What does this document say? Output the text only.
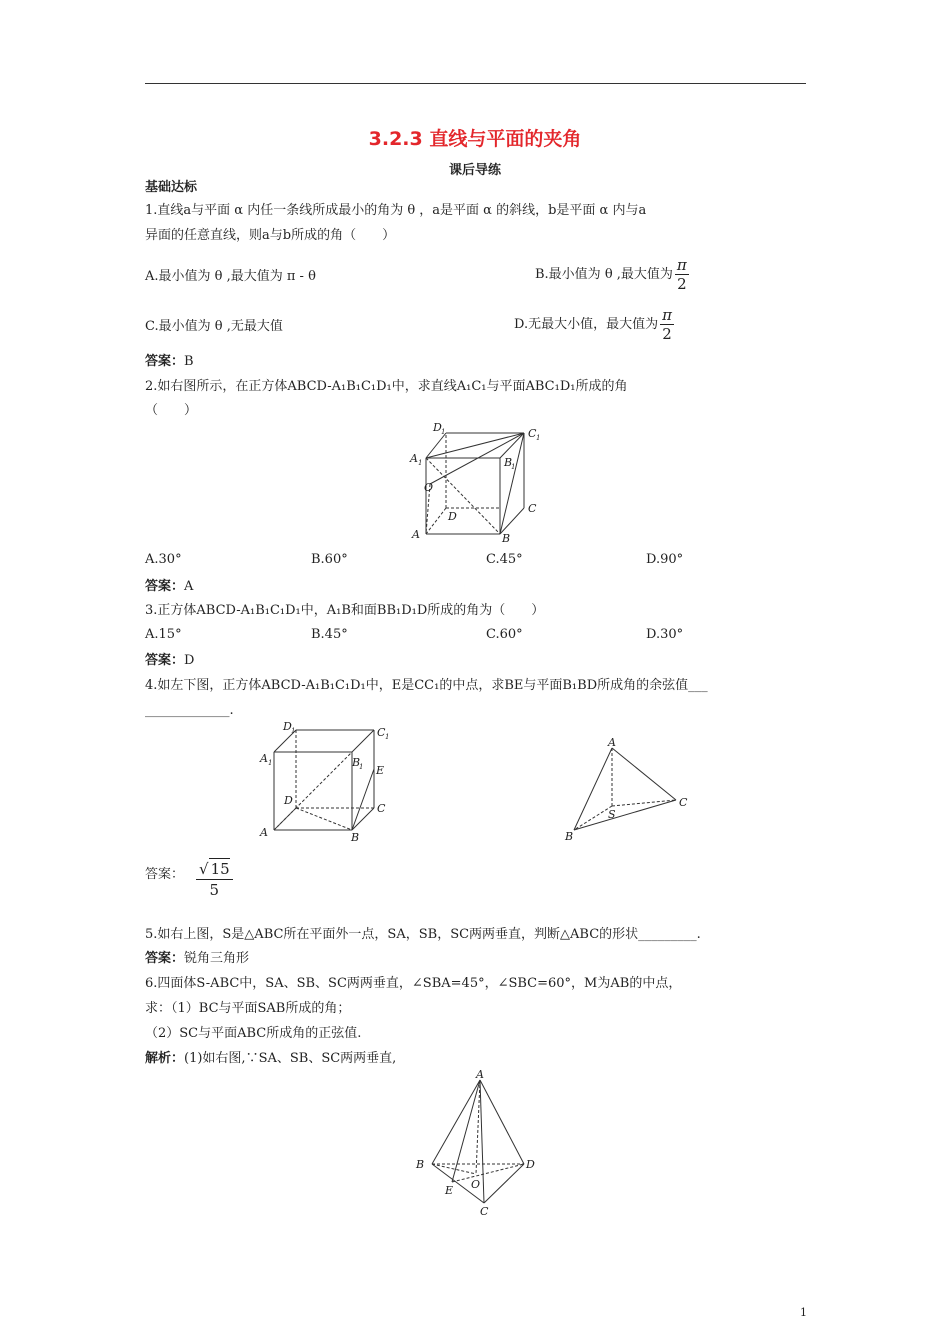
3.2.3 直线与平面的夹角
课后导练
基础达标
1.直线a与平面 α 内任一条线所成最小的角为 θ ，a是平面 α 的斜线，b是平面 α 内与a
异面的任意直线，则a与b所成的角（　　）
A.最小值为 θ ,最大值为 π - θ	B.最小值为 θ ,最大值为 $\frac{\pi}{2}$
C.最小值为 θ ,无最大值	D.无最大小值，最大值为 $\frac{\pi}{2}$
答案：B
2.如右图所示，在正方体ABCD-A₁B₁C₁D₁中，求直线A₁C₁与平面ABC₁D₁所成的角
（　　）
D 1	C 1
A 1	B
1
O
D
C
A	B
A.30°	B.60°	C.45°	D.90°
答案：A
3.正方体ABCD-A₁B₁C₁D₁中，A₁B和面BB₁D₁D所成的角为（　　）
A.15°	B.45°	C.60°	D.30°
答案：D
4.如左下图，正方体ABCD-A₁B₁C₁D₁中，E是CC₁的中点，求BE与平面B₁BD所成角的余弦值___
_____________.
D 1	C 1
A 1	B
1 E
D
C
A	B
A
S
C
B
答案： √ 15
5
5.如右上图，S是△ABC所在平面外一点，SA，SB，SC两两垂直，判断△ABC的形状_________.
答案：锐角三角形
6.四面体S-ABC中，SA、SB、SC两两垂直，∠SBA=45°，∠SBC=60°，M为AB的中点，
求：（1）BC与平面SAB所成的角；
（2）SC与平面ABC所成角的正弦值.
解析：(1)如右图,∵SA、SB、SC两两垂直,
A
B	D
E O
C
1
